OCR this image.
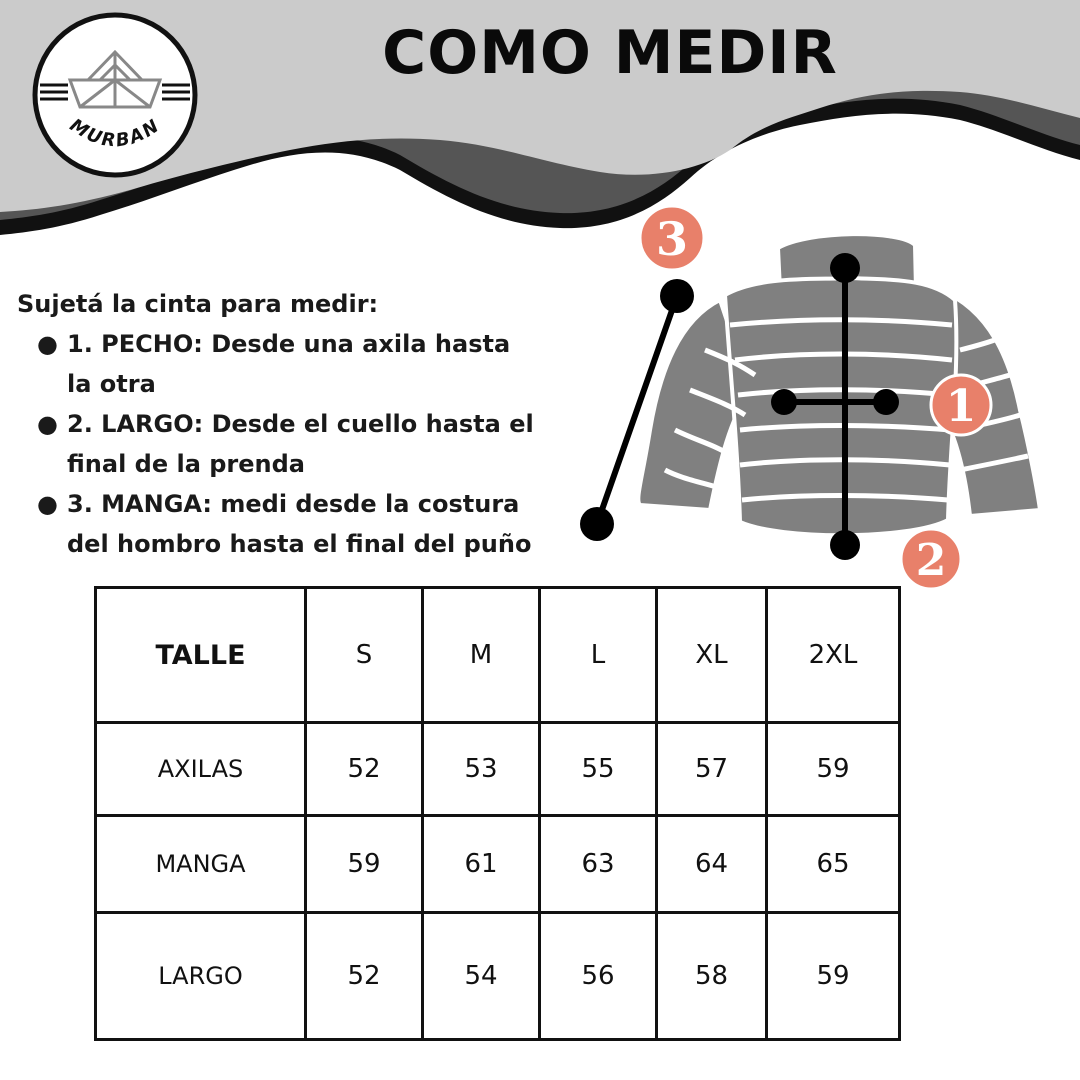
MURBAN
COMO MEDIR
Sujetá la cinta para medir:
● 1. PECHO: Desde una axila hasta
la otra
● 2. LARGO: Desde el cuello hasta el
final de la prenda
● 3. MANGA: medi desde la costura
del hombro hasta el final del puño
1
2
3
TALLE	S	M	L	XL	2XL
AXILAS	52	53	55	57	59
MANGA	59	61	63	64	65
LARGO	52	54	56	58	59
